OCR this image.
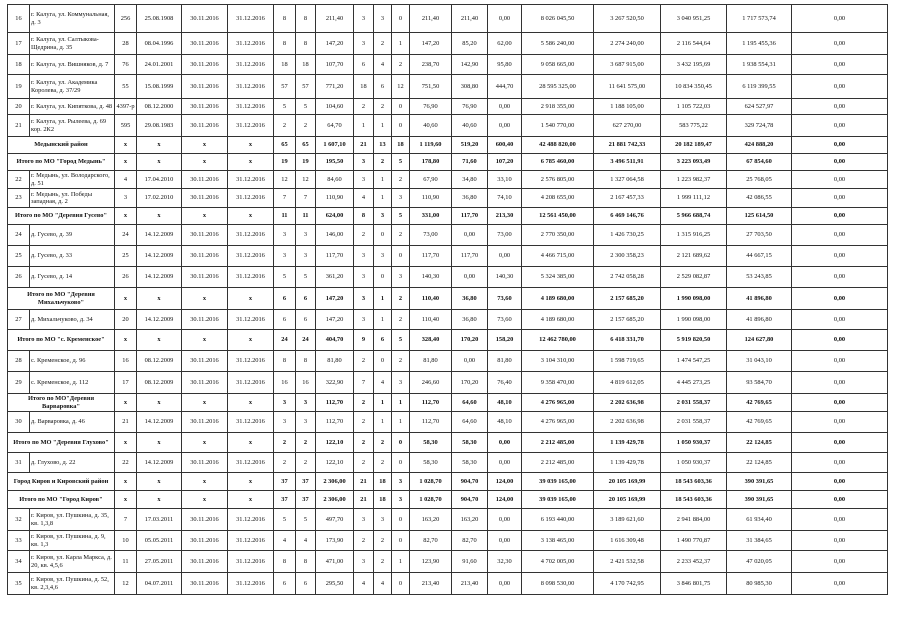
16	г. Калуга, ул. Коммунальная, д. 3	256	25.08.1908	30.11.2016	31.12.2016	8	8	211,40	3	3	0	211,40	211,40	0,00	8 026 045,50	3 267 520,50	3 040 951,25	1 717 573,74	0,00
17	г. Калуга, ул. Салтыкова-Щедрина, д. 35	28	08.04.1996	30.11.2016	31.12.2016	8	8	147,20	3	2	1	147,20	85,20	62,00	5 586 240,00	2 274 240,00	2 116 544,64	1 195 455,36	0,00
18	г. Калуга, ул. Вишняков, д. 7	76	24.01.2001	30.11.2016	31.12.2016	18	18	107,70	6	4	2	238,70	142,90	95,80	9 058 665,00	3 687 915,00	3 432 195,69	1 938 554,31	0,00
19	г. Калуга, ул. Академика Королева, д. 37/29	55	15.08.1999	30.11.2016	31.12.2016	57	57	771,20	18	6	12	751,50	308,80	444,70	28 595 325,00	11 641 575,00	10 834 350,45	6 119 399,55	0,00
20	г. Калуга, ул. Кипяткова, д. 48	4397-р	08.12.2000	30.11.2016	31.12.2016	5	5	104,60	2	2	0	76,90	76,90	0,00	2 918 355,00	1 188 105,00	1 105 722,03	624 527,97	0,00
21	г. Калуга, ул. Рылеева, д. 69 кор. 2К2	595	29.08.1983	30.11.2016	31.12.2016	2	2	64,70	1	1	0	40,60	40,60	0,00	1 540 770,00	627 270,00	583 775,22	329 724,78	0,00
Медынский район		x	x	x	x	65	65	1 607,10	21	13	18	1 119,60	519,20	600,40	42 488 820,00	21 881 742,33	20 182 189,47	424 888,20	0,00
Итого по МО "Город Медынь"		x	x	x	x	19	19	195,50	3	2	5	178,80	71,60	107,20	6 785 460,00	3 496 511,91	3 223 093,49	67 854,60	0,00
22	г. Медынь, ул. Володарского, д. 51	4	17.04.2010	30.11.2016	31.12.2016	12	12	84,60	3	1	2	67,90	34,80	33,10	2 576 805,00	1 327 064,58	1 223 982,37	25 768,05	0,00
23	г. Медынь, ул. Победы западная, д. 2	3	17.02.2010	30.11.2016	31.12.2016	7	7	110,90	4	1	3	110,90	36,80	74,10	4 208 655,00	2 167 457,33	1 999 111,12	42 086,55	0,00
Итого по МО "Деревня Гусево"		x	x	x	x	11	11	624,00	8	3	5	331,00	117,70	213,30	12 561 450,00	6 469 146,76	5 966 688,74	125 614,50	0,00
24	д. Гусево, д. 39	24	14.12.2009	30.11.2016	31.12.2016	3	3	146,00	2	0	2	73,00	0,00	73,00	2 770 350,00	1 426 730,25	1 315 916,25	27 703,50	0,00
25	д. Гусево, д. 33	25	14.12.2009	30.11.2016	31.12.2016	3	3	117,70	3	3	0	117,70	117,70	0,00	4 466 715,00	2 300 358,23	2 121 689,62	44 667,15	0,00
26	д. Гусево, д. 14	26	14.12.2009	30.11.2016	31.12.2016	5	5	361,20	3	0	3	140,30	0,00	140,30	5 324 385,00	2 742 058,28	2 529 082,87	53 243,85	0,00
Итого по МО "Деревня Михальчуково"		x	x	x	x	6	6	147,20	3	1	2	110,40	36,80	73,60	4 189 680,00	2 157 685,20	1 990 098,00	41 896,80	0,00
27	д. Михальчуково, д. 34	20	14.12.2009	30.11.2016	31.12.2016	6	6	147,20	3	1	2	110,40	36,80	73,60	4 189 680,00	2 157 685,20	1 990 098,00	41 896,80	0,00
Итого по МО "с. Кременское"		x	x	x	x	24	24	404,70	9	6	5	328,40	170,20	158,20	12 462 780,00	6 418 331,70	5 919 820,50	124 627,80	0,00
28	с. Кременское, д. 96	16	08.12.2009	30.11.2016	31.12.2016	8	8	81,80	2	0	2	81,80	0,00	81,80	3 104 310,00	1 598 719,65	1 474 547,25	31 043,10	0,00
29	с. Кременское, д. 112	17	08.12.2009	30.11.2016	31.12.2016	16	16	322,90	7	4	3	246,60	170,20	76,40	9 358 470,00	4 819 612,05	4 445 273,25	93 584,70	0,00
Итого по МО"Деревня Варваровка"		x	x	x	x	3	3	112,70	2	1	1	112,70	64,60	48,10	4 276 965,00	2 202 636,98	2 031 558,37	42 769,65	0,00
30	д. Варваровка, д. 46	21	14.12.2009	30.11.2016	31.12.2016	3	3	112,70	2	1	1	112,70	64,60	48,10	4 276 965,00	2 202 636,98	2 031 558,37	42 769,65	0,00
Итого по МО "Деревня Глухово"		x	x	x	x	2	2	122,10	2	2	0	58,30	58,30	0,00	2 212 485,00	1 139 429,78	1 050 930,37	22 124,85	0,00
31	д. Глухово, д. 22	22	14.12.2009	30.11.2016	31.12.2016	2	2	122,10	2	2	0	58,30	58,30	0,00	2 212 485,00	1 139 429,78	1 050 930,37	22 124,85	0,00
Город Киров и Кировский район		x	x	x	x	37	37	2 306,00	21	18	3	1 028,70	904,70	124,00	39 039 165,00	20 105 169,99	18 543 603,36	390 391,65	0,00
Итого по МО "Город Киров"		x	x	x	x	37	37	2 306,00	21	18	3	1 028,70	904,70	124,00	39 039 165,00	20 105 169,99	18 543 603,36	390 391,65	0,00
32	г. Киров, ул. Пушкина, д. 35, кв. 1,3,8	7	17.03.2011	30.11.2016	31.12.2016	5	5	497,70	3	3	0	163,20	163,20	0,00	6 193 440,00	3 189 621,60	2 941 884,00	61 934,40	0,00
33	г. Киров, ул. Пушкина, д. 9, кв. 1,3	10	05.05.2011	30.11.2016	31.12.2016	4	4	173,90	2	2	0	82,70	82,70	0,00	3 138 465,00	1 616 309,48	1 490 770,87	31 384,65	0,00
34	г. Киров, ул. Карла Маркса, д. 20, кв. 4,5,6	11	27.05.2011	30.11.2016	31.12.2016	8	8	471,00	3	2	1	123,90	91,60	32,30	4 702 005,00	2 421 532,58	2 233 452,37	47 020,05	0,00
35	г. Киров, ул. Пушкина, д. 52, кв. 2,3,4,6	12	04.07.2011	30.11.2016	31.12.2016	6	6	295,50	4	4	0	213,40	213,40	0,00	8 098 530,00	4 170 742,95	3 846 801,75	80 985,30	0,00
